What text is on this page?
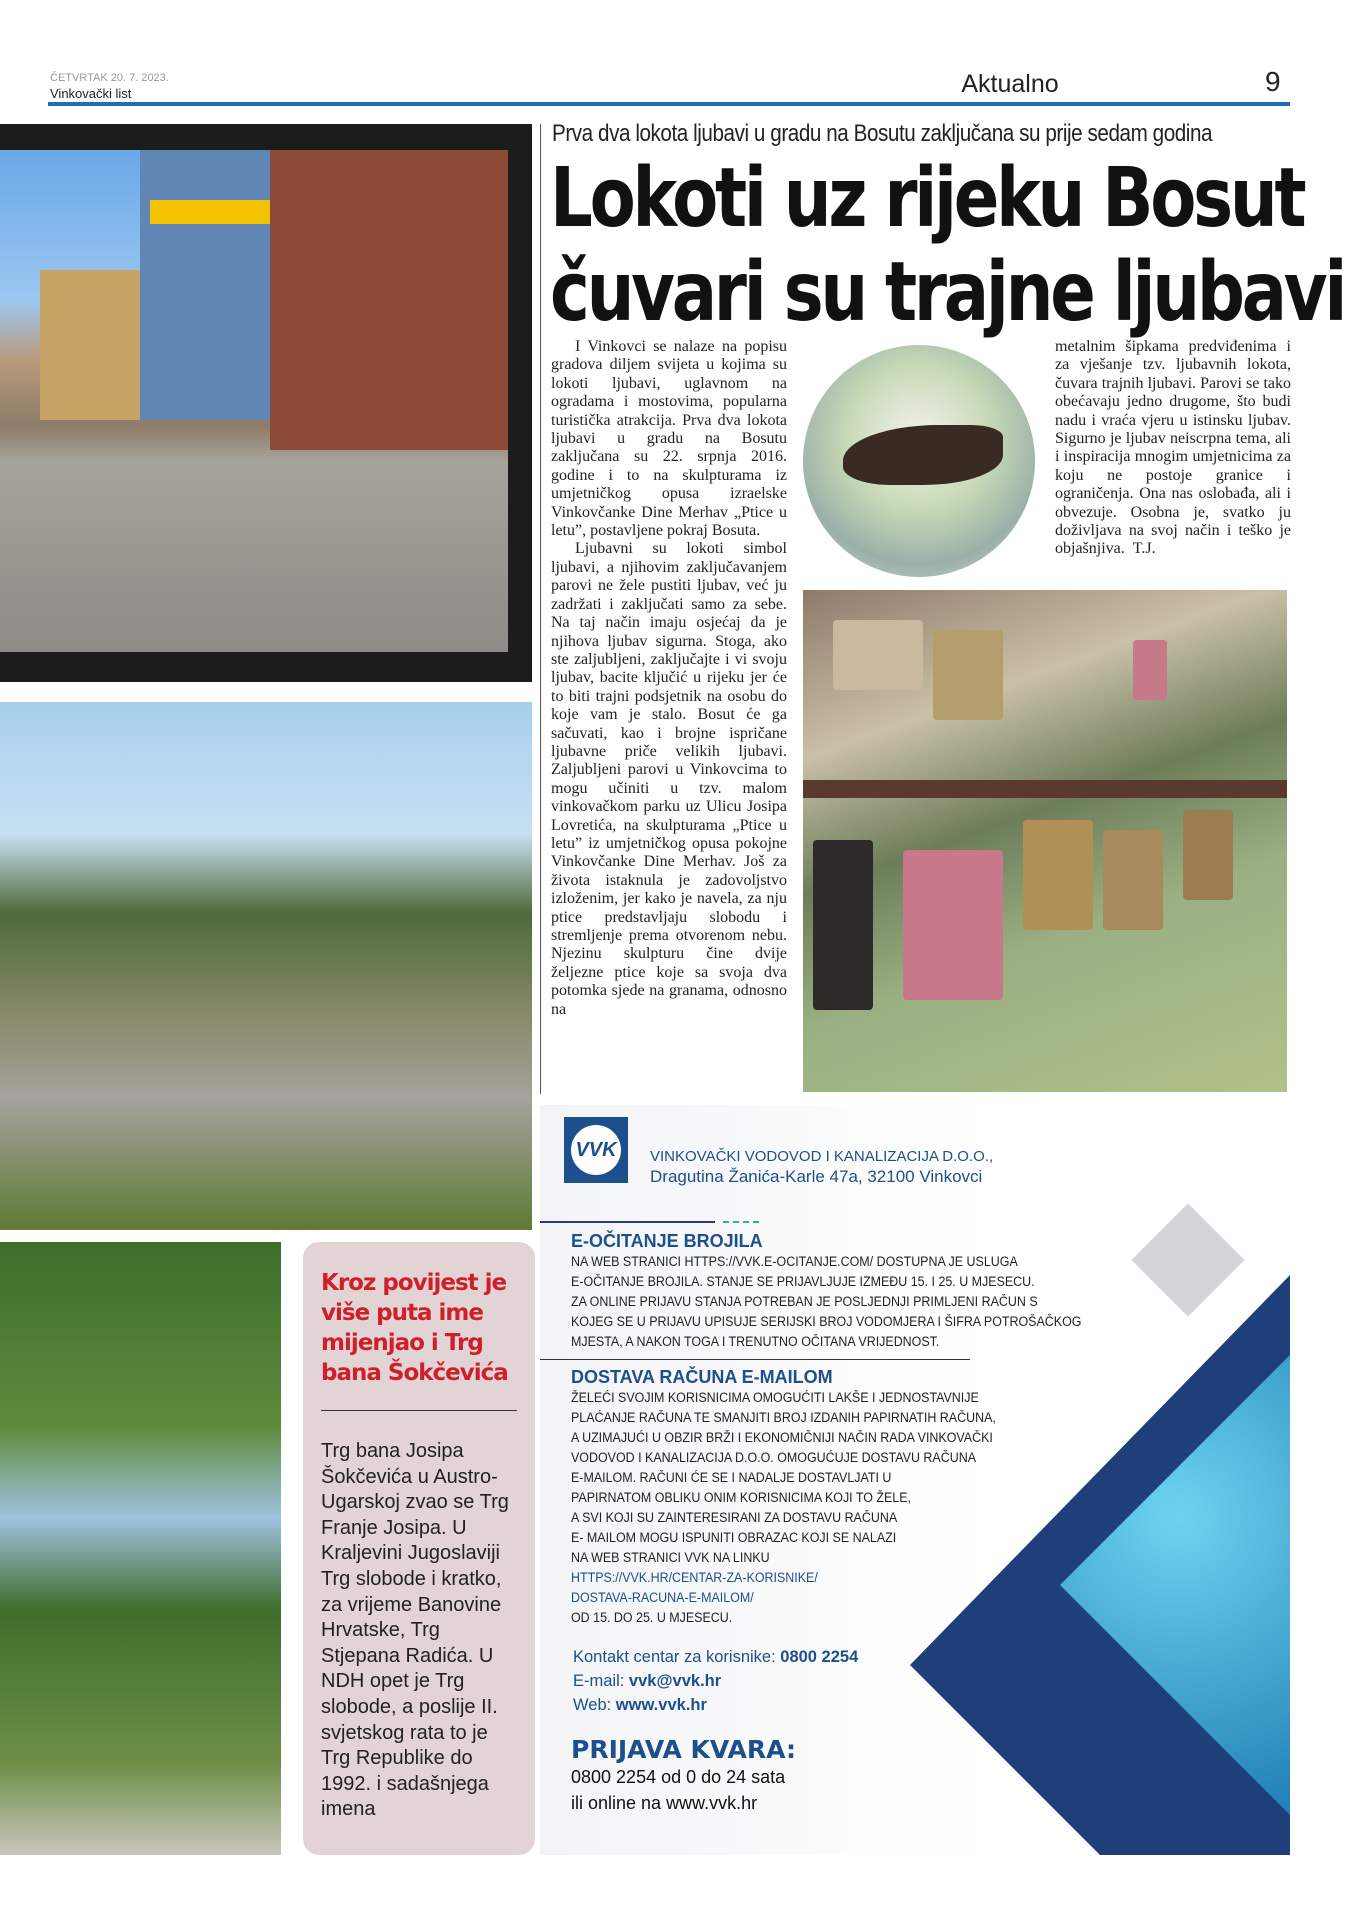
ČETVRTAK 20. 7. 2023.
Vinkovački list	Aktualno	9
Kroz povijest je više puta ime mijenjao i Trg bana Šokčevića
Trg bana Josipa Šokčevića u Austro-Ugarskoj zvao se Trg Franje Josipa. U Kraljevini Jugoslaviji Trg slobode i kratko, za vrijeme Banovine Hrvatske, Trg Stjepana Radića. U NDH opet je Trg slobode, a poslije II. svjetskog rata to je Trg Republike do 1992. i sadašnjega imena
Prva dva lokota ljubavi u gradu na Bosutu zaključana su prije sedam godina
Lokoti uz rijeku Bosut
čuvari su trajne ljubavi

I Vinkovci se nalaze na popisu gradova diljem svijeta u kojima su lokoti ljubavi, uglavnom na ogradama i mostovima, popularna turistička atrakcija. Prva dva lokota ljubavi u gradu na Bosutu zaključana su 22. srpnja 2016. godine i to na skulpturama iz umjetničkog opusa izraelske Vinkovčanke Dine Merhav „Ptice u letu”, postavljene pokraj Bosuta.

Ljubavni su lokoti simbol ljubavi, a njihovim zaključavanjem parovi ne žele pustiti ljubav, već ju zadržati i zaključati samo za sebe. Na taj način imaju osjećaj da je njihova ljubav sigurna. Stoga, ako ste zaljubljeni, zaključajte i vi svoju ljubav, bacite ključić u rijeku jer će to biti trajni podsjetnik na osobu do koje vam je stalo. Bosut će ga sačuvati, kao i brojne ispričane ljubavne priče velikih ljubavi. Zaljubljeni parovi u Vinkovcima to mogu učiniti u tzv. malom vinkovačkom parku uz Ulicu Josipa Lovretića, na skulpturama „Ptice u letu” iz umjetničkog opusa pokojne Vinkovčanke Dine Merhav. Još za života istaknula je zadovoljstvo izloženim, jer kako je navela, za nju ptice predstavljaju slobodu i stremljenje prema otvorenom nebu. Njezinu skulpturu čine dvije željezne ptice koje sa svoja dva potomka sjede na granama, odnosno na

metalnim šipkama predviđenima i za vješanje tzv. ljubavnih lokota, čuvara trajnih ljubavi. Parovi se tako obećavaju jedno drugome, što budi nadu i vraća vjeru u istinsku ljubav. Sigurno je ljubav neiscrpna tema, ali i inspiracija mnogim umjetnicima za koju ne postoje granice i ograničenja. Ona nas oslobađa, ali i obvezuje. Osobna je, svatko ju doživljava na svoj način i teško je objašnjiva. T.J.
VVK VINKOVAČKI VODOVOD I KANALIZACIJA D.O.O.,
Dragutina Žanića-Karle 47a, 32100 Vinkovci
E-OČITANJE BROJILA
NA WEB STRANICI HTTPS://VVK.E-OCITANJE.COM/ DOSTUPNA JE USLUGA
E-OČITANJE BROJILA. STANJE SE PRIJAVLJUJE IZMEĐU 15. I 25. U MJESECU.
ZA ONLINE PRIJAVU STANJA POTREBAN JE POSLJEDNJI PRIMLJENI RAČUN S
KOJEG SE U PRIJAVU UPISUJE SERIJSKI BROJ VODOMJERA I ŠIFRA POTROŠAČKOG
MJESTA, A NAKON TOGA I TRENUTNO OČITANA VRIJEDNOST.
DOSTAVA RAČUNA E-MAILOM
ŽELEĆI SVOJIM KORISNICIMA OMOGUĆITI LAKŠE I JEDNOSTAVNIJE
PLAĆANJE RAČUNA TE SMANJITI BROJ IZDANIH PAPIRNATIH RAČUNA,
A UZIMAJUĆI U OBZIR BRŽI I EKONOMIČNIJI NAČIN RADA VINKOVAČKI
VODOVOD I KANALIZACIJA D.O.O. OMOGUĆUJE DOSTAVU RAČUNA
E-MAILOM. RAČUNI ĆE SE I NADALJE DOSTAVLJATI U
PAPIRNATOM OBLIKU ONIM KORISNICIMA KOJI TO ŽELE,
A SVI KOJI SU ZAINTERESIRANI ZA DOSTAVU RAČUNA
E- MAILOM MOGU ISPUNITI OBRAZAC KOJI SE NALAZI
NA WEB STRANICI VVK NA LINKU
HTTPS://VVK.HR/CENTAR-ZA-KORISNIKE/
DOSTAVA-RACUNA-E-MAILOM/
OD 15. DO 25. U MJESECU.
Kontakt centar za korisnike: 0800 2254
E-mail: vvk@vvk.hr
Web: www.vvk.hr
PRIJAVA KVARA:
0800 2254 od 0 do 24 sata
ili online na www.vvk.hr
